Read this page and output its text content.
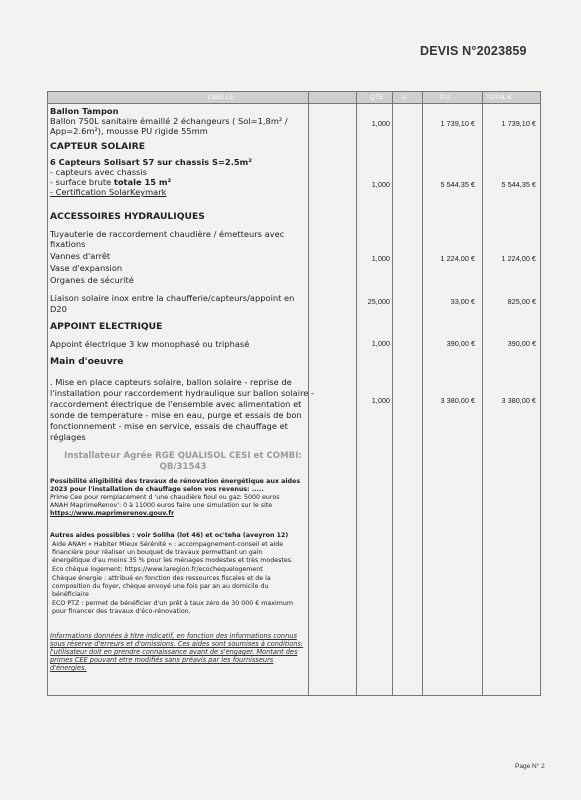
DEVIS N°2023859
LIBELLE	QTE	U	P.U.	TOTAL €
Ballon Tampon
Ballon 750L sanitaire émaillé 2 échangeurs ( Sol=1,8m² /
App=2.6m²), mousse PU rigide 55mm
1,000	1 739,10 €	1 739,10 €
CAPTEUR SOLAIRE
6 Capteurs Solisart S7 sur chassis S=2.5m²
- capteurs avec chassis
- surface brute totale 15 m²
- Certification SolarKeymark
1,000	5 544,35 €	5 544,35 €
ACCESSOIRES HYDRAULIQUES
Tuyauterie de raccordement chaudière / émetteurs avec
fixations
Vannes d'arrêt
Vase d'expansion
Organes de sécurité
1,000	1 224,00 €	1 224,00 €
Liaison solaire inox entre la chaufferie/capteurs/appoint en
D20
25,000	33,00 €	825,00 €
APPOINT ELECTRIQUE
Appoint électrique 3 kw monophasé ou triphasé	1,000	390,00 €	390,00 €
Main d'oeuvre
. Mise en place capteurs solaire, ballon solaire - reprise de
l'installation pour raccordement hydraulique sur ballon solaire -
raccordement électrique de l'ensemble avec alimentation et
sonde de temperature - mise en eau, purge et essais de bon
fonctionnement - mise en service, essais de chauffage et
réglages
1,000	3 380,00 €	3 380,00 €
Installateur Agrée RGE QUALISOL CESI et COMBI:
QB/31543
Possibilité éligibilité des travaux de rénovation énergétique aux aides
2023 pour l'installation de chauffage selon vos revenus: .....
Prime Cee pour remplacement d 'une chaudière fioul ou gaz: 5000 euros
ANAH MaprimeRenov': 0 à 11000 euros faire une simulation sur le site
https://www.maprimerenov.gouv.fr
Autres aides possibles : voir Soliha (lot 46) et oc'teha (aveyron 12)
Aide ANAH « Habiter Mieux Sérénité » : accompagnement-conseil et aide
financière pour réaliser un bouquet de travaux permettant un gain
énergétique d'au moins 35 % pour les ménages modestes et très modestes.
Eco chèque logement: https://www.laregion.fr/ecochequelogement
Chèque énergie : attribué en fonction des ressources fiscales et de la
composition du foyer, chèque envoyé une fois par an au domicile du
bénéficiaire
ECO PTZ : permet de bénéficier d'un prêt à taux zéro de 30 000 € maximum
pour financer des travaux d'éco-rénovation.
Informations données à titre indicatif, en fonction des informations connus
sous réserve d'erreurs et d'omissions. Ces aides sont soumises à conditions:
l'utilisateur doit en prendre connaissance avant de s'engager. Montant des
primes CEE pouvant etre modifiés sans préavis par les fournisseurs
d'énergies.
Page N° 2
